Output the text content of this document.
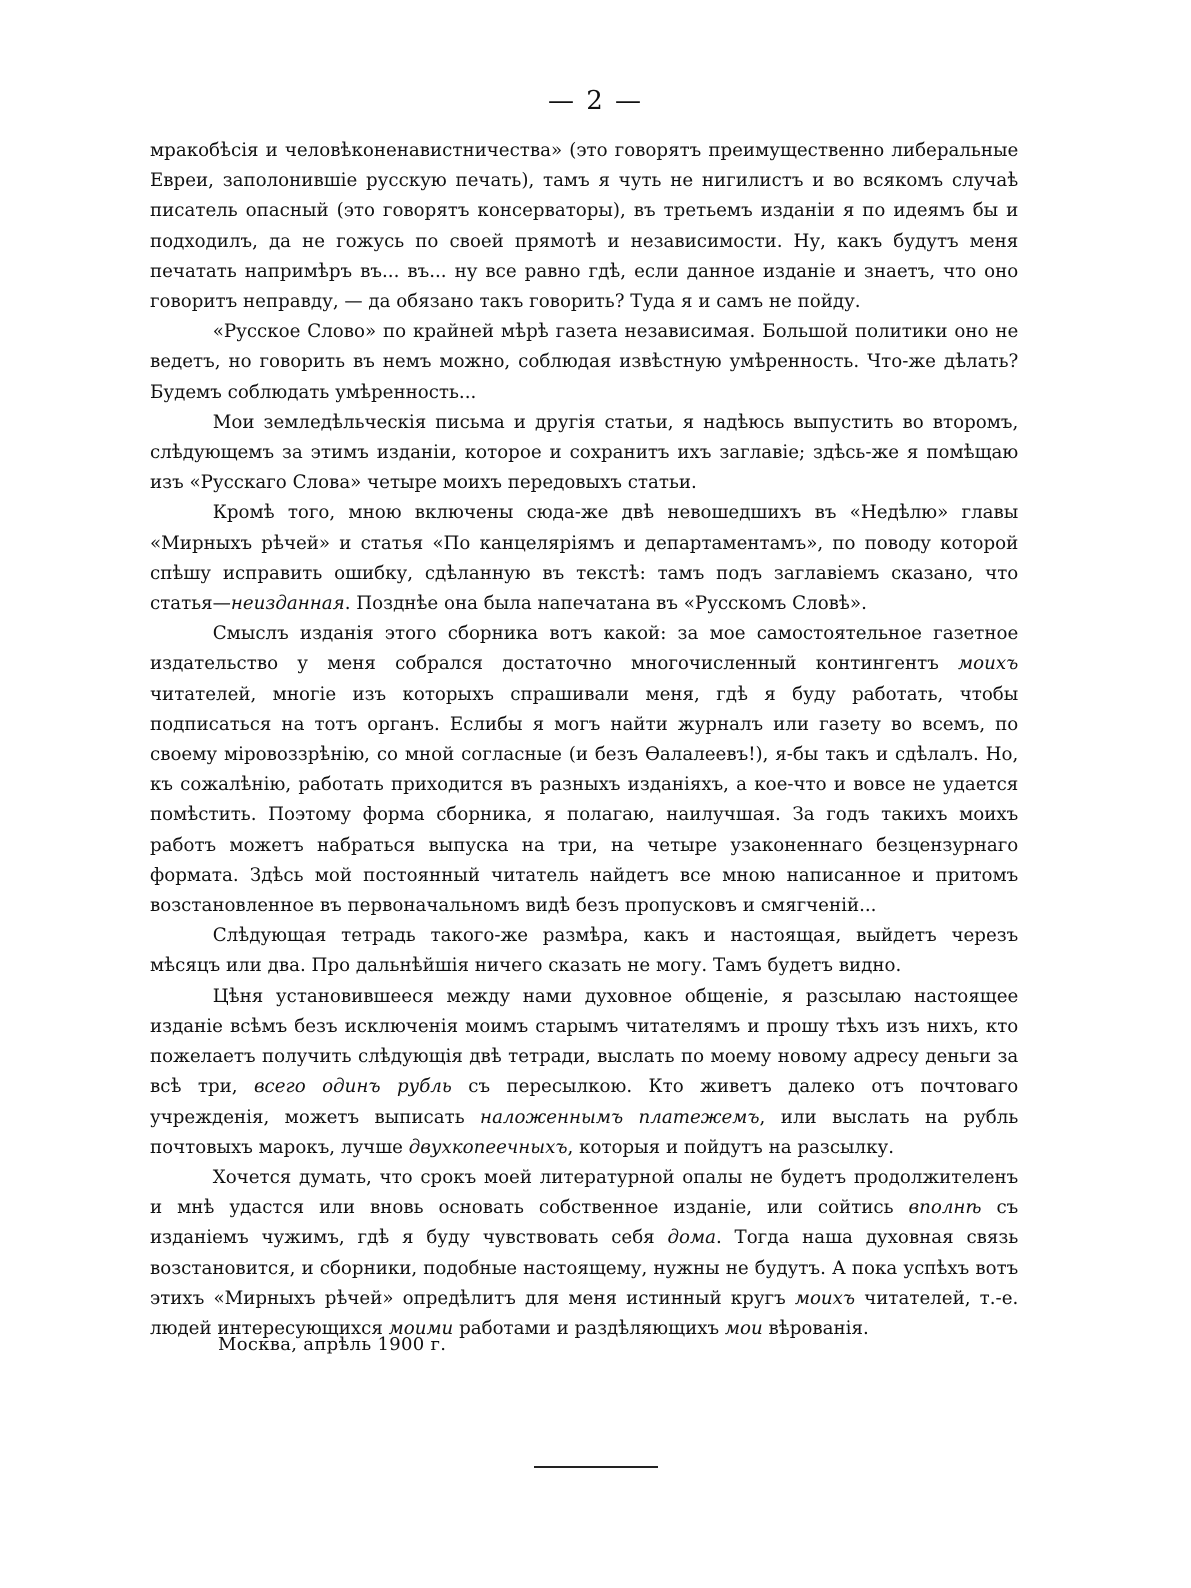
— 2 —

мракобѣсія и человѣконенавистничества» (это говорятъ преимущественно либеральные Евреи, заполонившіе русскую печать), тамъ я чуть не нигилистъ и во всякомъ случаѣ писатель опасный (это говорятъ консерваторы), въ третьемъ изданіи я по идеямъ бы и подходилъ, да не гожусь по своей прямотѣ и независимости. Ну, какъ будутъ меня печатать напримѣръ въ... въ... ну все равно гдѣ, если данное изданіе и знаетъ, что оно говоритъ неправду, — да обязано такъ говорить? Туда я и самъ не пойду.

«Русское Слово» по крайней мѣрѣ газета независимая. Большой политики оно не ведетъ, но говорить въ немъ можно, соблюдая извѣстную умѣренность. Что-же дѣлать? Будемъ соблюдать умѣренность...

Мои земледѣльческія письма и другія статьи, я надѣюсь выпустить во второмъ, слѣдующемъ за этимъ изданіи, которое и сохранитъ ихъ заглавіе; здѣсь-же я помѣщаю изъ «Русскаго Слова» четыре моихъ передовыхъ статьи.

Кромѣ того, мною включены сюда-же двѣ невошедшихъ въ «Недѣлю» главы «Мирныхъ рѣчей» и статья «По канцеляріямъ и департаментамъ», по поводу которой спѣшу исправить ошибку, сдѣланную въ текстѣ: тамъ подъ заглавіемъ сказано, что статья—неизданная. Позднѣе она была напечатана въ «Русскомъ Словѣ».

Смыслъ изданія этого сборника вотъ какой: за мое самостоятельное газетное издательство у меня собрался достаточно многочисленный контингентъ моихъ читателей, многіе изъ которыхъ спрашивали меня, гдѣ я буду работать, чтобы подписаться на тотъ органъ. Еслибы я могъ найти журналъ или газету во всемъ, по своему міровоззрѣнію, со мной согласные (и безъ Ѳалалеевъ!), я-бы такъ и сдѣлалъ. Но, къ сожалѣнію, работать приходится въ разныхъ изданіяхъ, а кое-что и вовсе не удается помѣстить. Поэтому форма сборника, я полагаю, наилучшая. За годъ такихъ моихъ работъ можетъ набраться выпуска на три, на четыре узаконеннаго безцензурнаго формата. Здѣсь мой постоянный читатель найдетъ все мною написанное и притомъ возстановленное въ первоначальномъ видѣ безъ пропусковъ и смягченій...

Слѣдующая тетрадь такого-же размѣра, какъ и настоящая, выйдетъ черезъ мѣсяцъ или два. Про дальнѣйшія ничего сказать не могу. Тамъ будетъ видно.

Цѣня установившееся между нами духовное общеніе, я разсылаю настоящее изданіе всѣмъ безъ исключенія моимъ старымъ читателямъ и прошу тѣхъ изъ нихъ, кто пожелаетъ получить слѣдующія двѣ тетради, выслать по моему новому адресу деньги за всѣ три, всего одинъ рубль съ пересылкою. Кто живетъ далеко отъ почтоваго учрежденія, можетъ выписать наложеннымъ платежемъ, или выслать на рубль почтовыхъ марокъ, лучше двухкопеечныхъ, которыя и пойдутъ на разсылку.

Хочется думать, что срокъ моей литературной опалы не будетъ продолжителенъ и мнѣ удастся или вновь основать собственное изданіе, или сойтись вполнѣ съ изданіемъ чужимъ, гдѣ я буду чувствовать себя дома. Тогда наша духовная связь возстановится, и сборники, подобные настоящему, нужны не будутъ. А пока успѣхъ вотъ этихъ «Мирныхъ рѣчей» опредѣлитъ для меня истинный кругъ моихъ читателей, т.-е. людей интересующихся моими работами и раздѣляющихъ мои вѣрованія.

Москва, апрѣль 1900 г.
